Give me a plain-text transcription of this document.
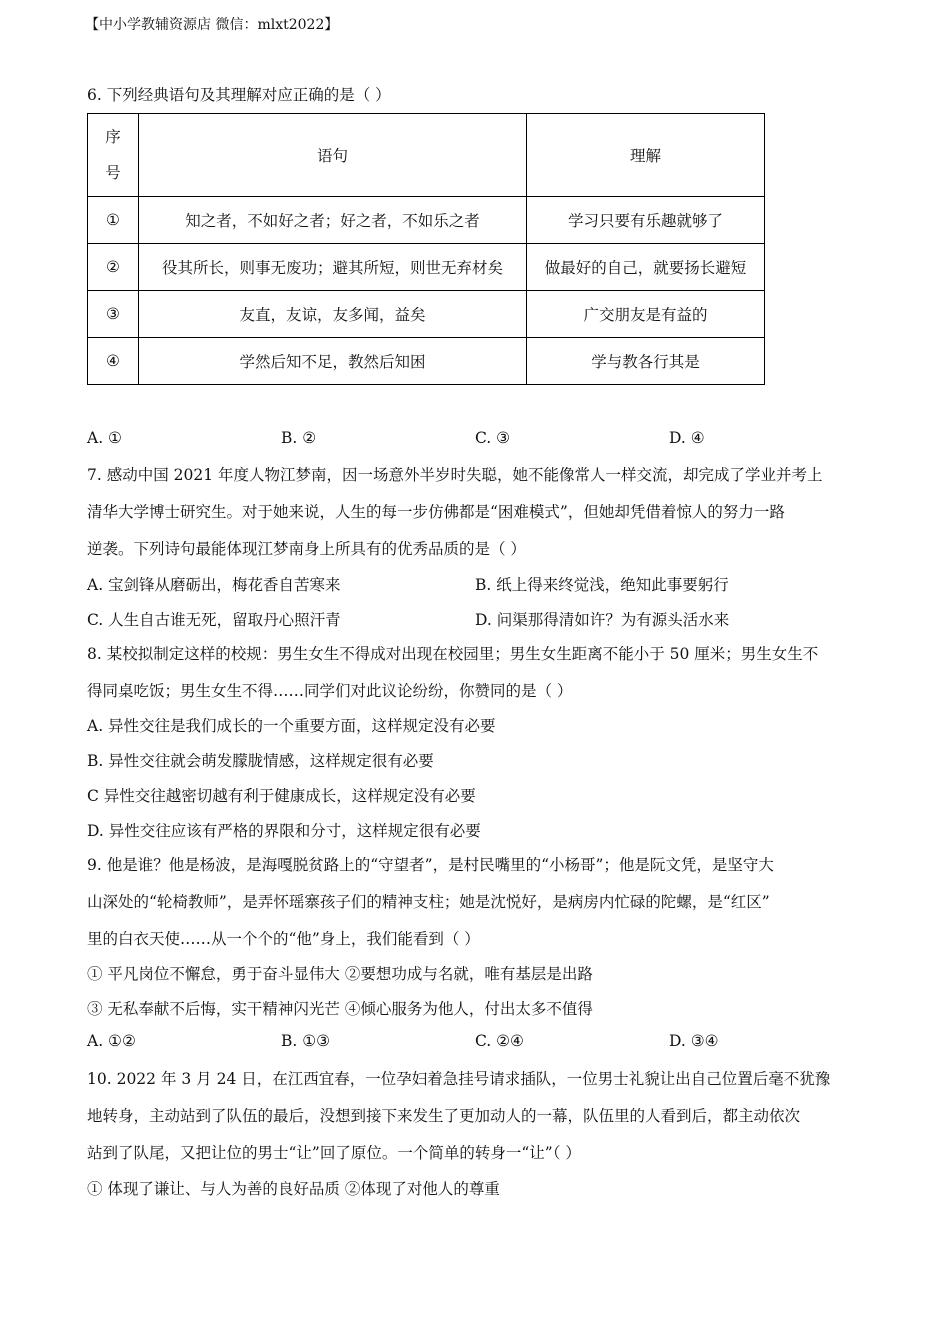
【中小学教辅资源店 微信：mlxt2022】
6. 下列经典语句及其理解对应正确的是（ ）
序
号	语句	理解
①	知之者，不如好之者；好之者，不如乐之者	学习只要有乐趣就够了
②	役其所长，则事无废功；避其所短，则世无弃材矣	做最好的自己，就要扬长避短
③	友直，友谅，友多闻，益矣	广交朋友是有益的
④	学然后知不足，教然后知困	学与教各行其是
A. ①	B. ②	C. ③	D. ④
7. 感动中国 2021 年度人物江梦南，因一场意外半岁时失聪，她不能像常人一样交流，却完成了学业并考上
清华大学博士研究生。对于她来说，人生的每一步仿佛都是“困难模式”，但她却凭借着惊人的努力一路
逆袭。下列诗句最能体现江梦南身上所具有的优秀品质的是（ ）
A. 宝剑锋从磨砺出，梅花香自苦寒来	B. 纸上得来终觉浅，绝知此事要躬行
C. 人生自古谁无死，留取丹心照汗青	D. 问渠那得清如许？为有源头活水来
8. 某校拟制定这样的校规：男生女生不得成对出现在校园里；男生女生距离不能小于 50 厘米；男生女生不
得同桌吃饭；男生女生不得……同学们对此议论纷纷，你赞同的是（ ）
A. 异性交往是我们成长的一个重要方面，这样规定没有必要
B. 异性交往就会萌发朦胧情感，这样规定很有必要
C 异性交往越密切越有利于健康成长，这样规定没有必要
D. 异性交往应该有严格的界限和分寸，这样规定很有必要
9. 他是谁？他是杨波，是海嘎脱贫路上的“守望者”，是村民嘴里的“小杨哥”；他是阮文凭，是坚守大
山深处的“轮椅教师”，是弄怀瑶寨孩子们的精神支柱；她是沈悦好，是病房内忙碌的陀螺，是“红区”
里的白衣天使……从一个个的“他”身上，我们能看到（ ）
① 平凡岗位不懈怠，勇于奋斗显伟大 ②要想功成与名就，唯有基层是出路
③ 无私奉献不后悔，实干精神闪光芒 ④倾心服务为他人，付出太多不值得
A. ①②	B. ①③	C. ②④	D. ③④
10. 2022 年 3 月 24 日，在江西宜春，一位孕妇着急挂号请求插队，一位男士礼貌让出自己位置后毫不犹豫
地转身，主动站到了队伍的最后，没想到接下来发生了更加动人的一幕，队伍里的人看到后，都主动依次
站到了队尾，又把让位的男士“让”回了原位。一个简单的转身一“让”（ ）
① 体现了谦让、与人为善的良好品质 ②体现了对他人的尊重
